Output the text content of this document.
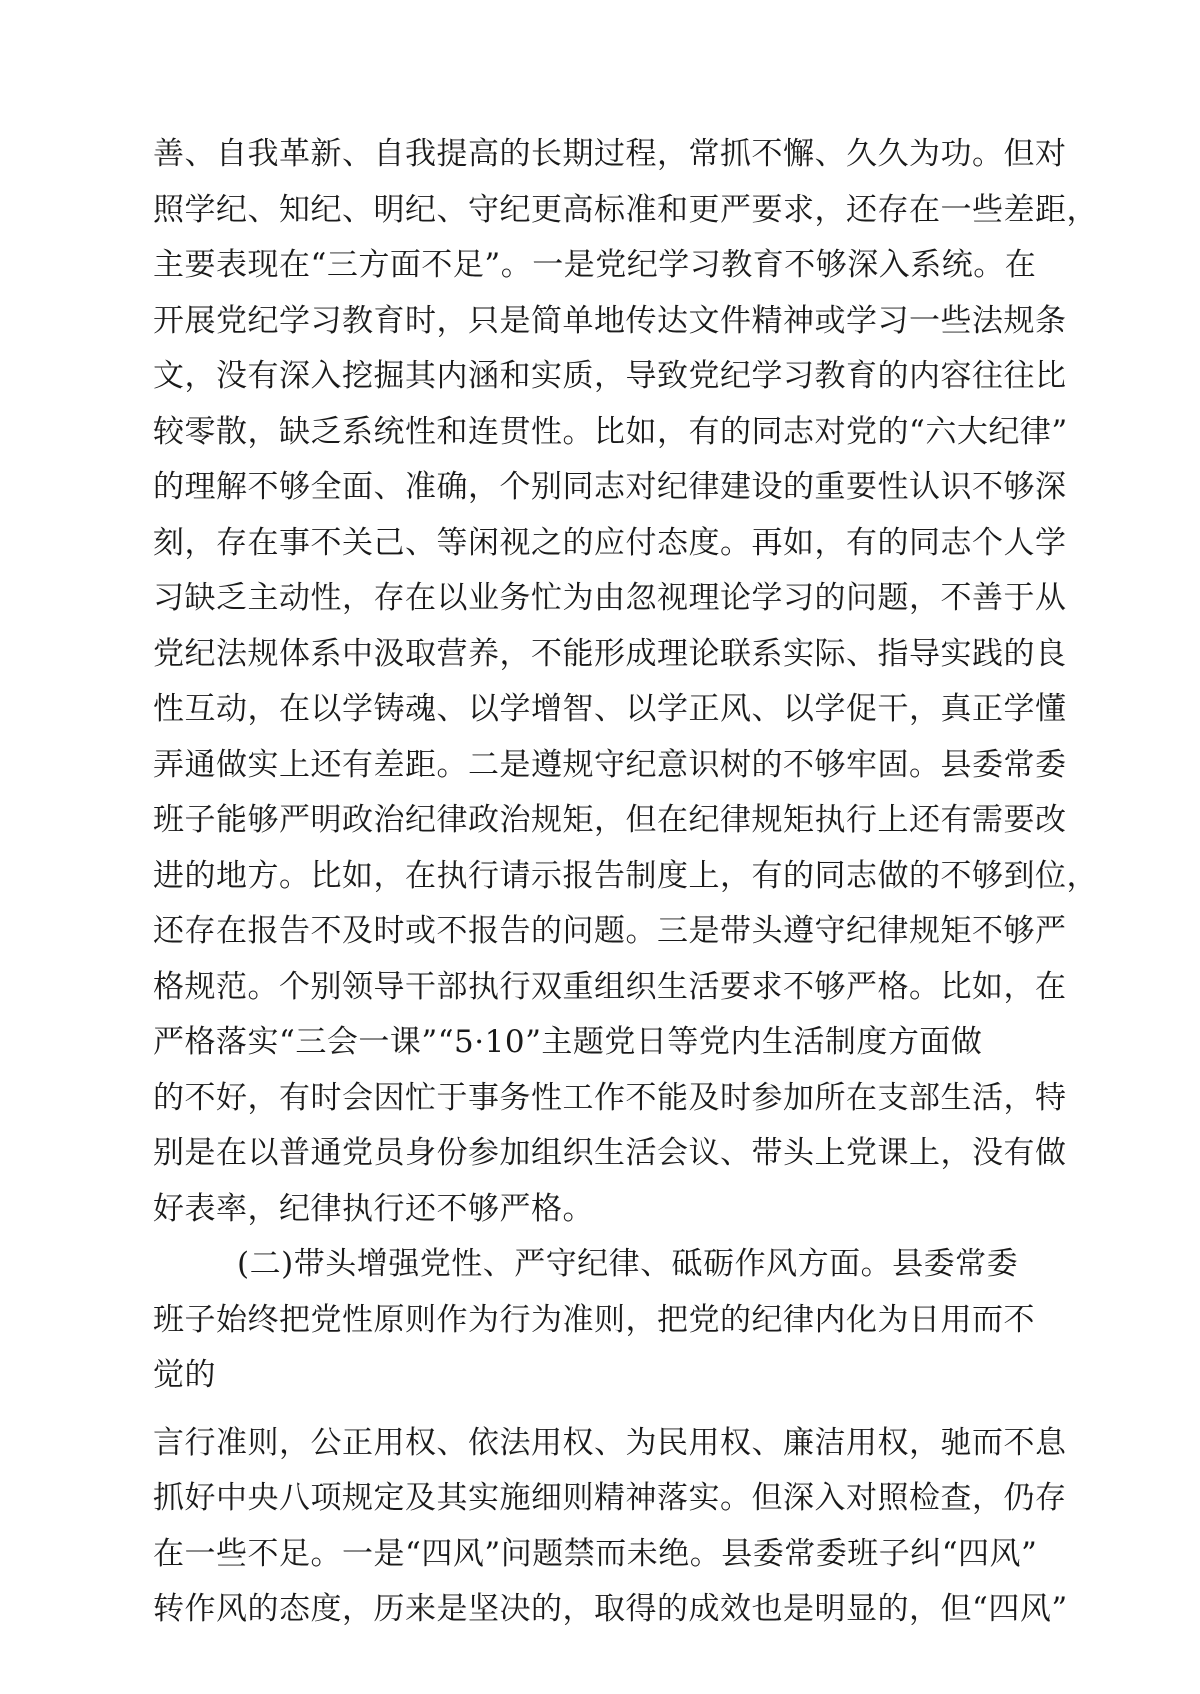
善、自我革新、自我提高的长期过程，常抓不懈、久久为功。但对
照学纪、知纪、明纪、守纪更高标准和更严要求，还存在一些差距，
主要表现在“三方面不足”。一是党纪学习教育不够深入系统。在
开展党纪学习教育时，只是简单地传达文件精神或学习一些法规条
文，没有深入挖掘其内涵和实质，导致党纪学习教育的内容往往比
较零散，缺乏系统性和连贯性。比如，有的同志对党的“六大纪律”
的理解不够全面、准确，个别同志对纪律建设的重要性认识不够深
刻，存在事不关己、等闲视之的应付态度。再如，有的同志个人学
习缺乏主动性，存在以业务忙为由忽视理论学习的问题，不善于从
党纪法规体系中汲取营养，不能形成理论联系实际、指导实践的良
性互动，在以学铸魂、以学增智、以学正风、以学促干，真正学懂
弄通做实上还有差距。二是遵规守纪意识树的不够牢固。县委常委
班子能够严明政治纪律政治规矩，但在纪律规矩执行上还有需要改
进的地方。比如，在执行请示报告制度上，有的同志做的不够到位，
还存在报告不及时或不报告的问题。三是带头遵守纪律规矩不够严
格规范。个别领导干部执行双重组织生活要求不够严格。比如，在
严格落实“三会一课”“5·10”主题党日等党内生活制度方面做
的不好，有时会因忙于事务性工作不能及时参加所在支部生活，特
别是在以普通党员身份参加组织生活会议、带头上党课上，没有做
好表率，纪律执行还不够严格。
(二)带头增强党性、严守纪律、砥砺作风方面。县委常委
班子始终把党性原则作为行为准则，把党的纪律内化为日用而不
觉的
言行准则，公正用权、依法用权、为民用权、廉洁用权，驰而不息
抓好中央八项规定及其实施细则精神落实。但深入对照检查，仍存
在一些不足。一是“四风”问题禁而未绝。县委常委班子纠“四风”
转作风的态度，历来是坚决的，取得的成效也是明显的，但“四风”
